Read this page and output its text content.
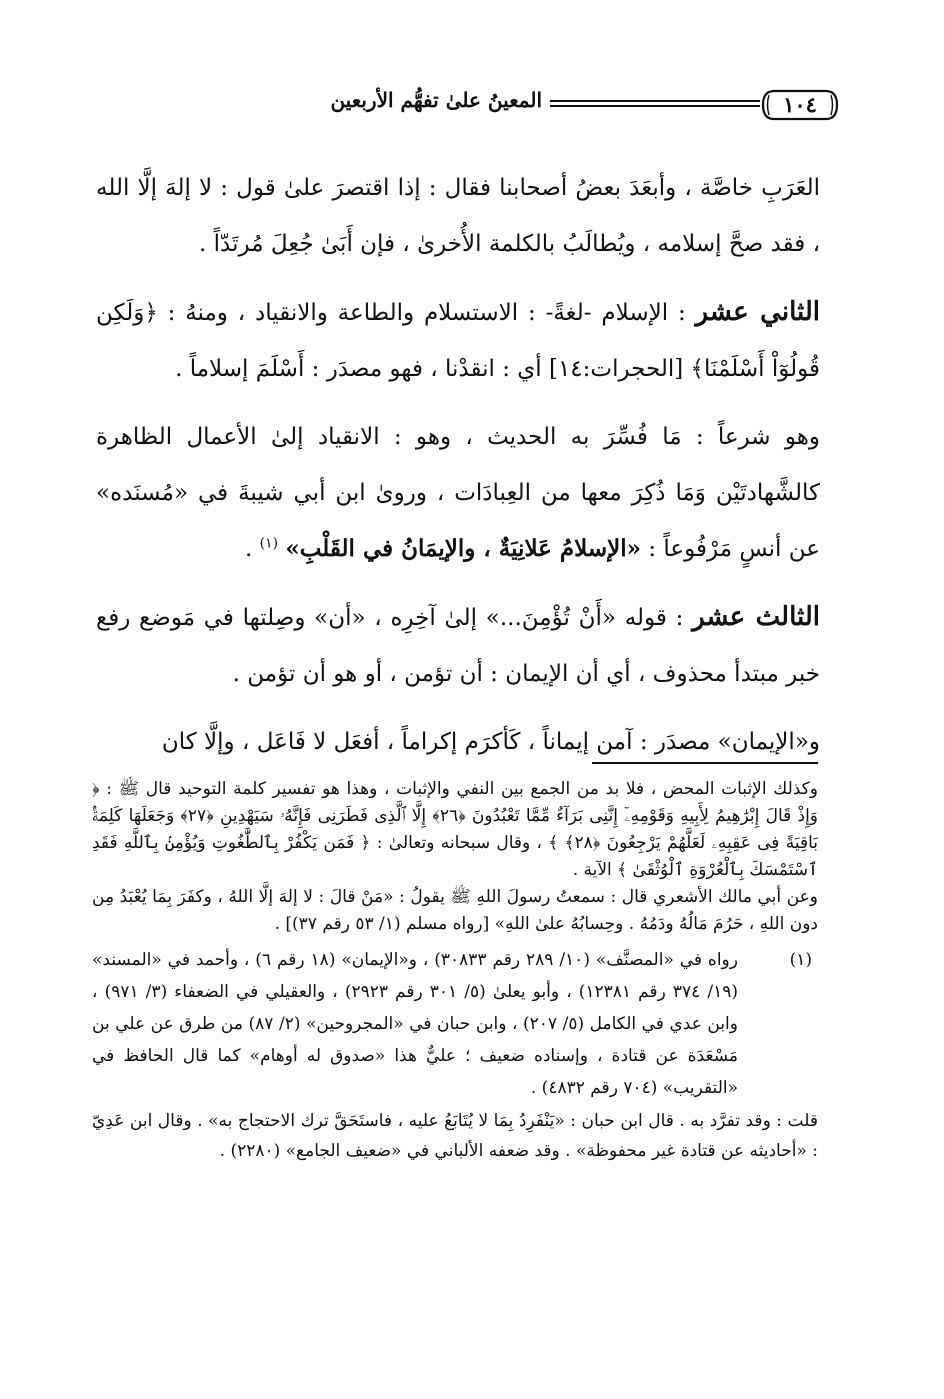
١٠٤
المعينُ علىٰ تفهُّم الأربعين

العَرَبِ خاصَّة ، وأبعَدَ بعضُ أصحابنا فقال : إذا اقتصرَ علىٰ قول : لا إلهَ إلَّا الله ، فقد صحَّ إسلامه ، ويُطالَبُ بالكلمة الأُخرىٰ ، فإن أَبَىٰ جُعِلَ مُرتَدّاً .

الثاني عشر : الإسلام -لغةً- : الاستسلام والطاعة والانقياد ، ومنهُ : ﴿وَلَكِن قُولُوٓاْ أَسْلَمْنَا﴾ [الحجرات:١٤] أي : انقدْنا ، فهو مصدَر : أَسْلَمَ إسلاماً .

وهو شرعاً : مَا فُسِّرَ به الحديث ، وهو : الانقياد إلىٰ الأعمال الظاهرة كالشَّهادتَيْن وَمَا ذُكِرَ معها من العِبادَات ، وروىٰ ابن أبي شيبةَ في «مُسنَده» عن أنسٍ مَرْفُوعاً : «الإسلامُ عَلانِيَةٌ ، والإيمَانُ في القَلْبِ» $^{(١)}$ .

الثالث عشر : قوله «أَنْ تُؤْمِنَ...» إلىٰ آخِرِه ، «أن» وصِلتها في مَوضع رفع خبر مبتدأ محذوف ، أي أن الإيمان : أن تؤمن ، أو هو أن تؤمن .

و«الإيمان» مصدَر : آمن إيماناً ، كَأكرَم إكراماً ، أفعَل لا فَاعَل ، وإلَّا كان

وكذلك الإثبات المحض ، فلا بد من الجمع بين النفي والإثبات ، وهذا هو تفسير كلمة التوحيد قال ﷺ : ﴿ وَإِذْ قَالَ إِبْرَٰهِيمُ لِأَبِيهِ وَقَوْمِهِۦٓ إِنَّنِى بَرَآءٌ مِّمَّا تَعْبُدُونَ ﴿٢٦﴾ إِلَّا ٱلَّذِى فَطَرَنِى فَإِنَّهُۥ سَيَهْدِينِ ﴿٢٧﴾ وَجَعَلَهَا كَلِمَةًۢ بَاقِيَةً فِى عَقِبِهِۦ لَعَلَّهُمْ يَرْجِعُونَ ﴿٢٨﴾ ﴾ ، وقال سبحانه وتعالىٰ : ﴿ فَمَن يَكْفُرْ بِٱلطَّٰغُوتِ وَيُؤْمِنۢ بِٱللَّهِ فَقَدِ ٱسْتَمْسَكَ بِٱلْعُرْوَةِ ٱلْوُثْقَىٰ ﴾ الآية .

وعن أبي مالك الأشعري قال : سمعتُ رسولَ اللهِ ﷺ يقولُ : «مَنْ قالَ : لا إلهَ إلَّا اللهُ ، وكفَرَ بِمَا يُعْبَدُ مِن دون اللهِ ، حَرُمَ مَالُهُ ودَمُهُ . وحِسابُهُ علىٰ اللهِ» [رواه مسلم (١/ ٥٣ رقم ٣٧)] .

(١)
رواه في «المصنَّف» (١٠/ ٢٨٩ رقم ٣٠٨٣٣) ، و«الإيمان» (١٨ رقم ٦) ، وأحمد في «المسند» (١٩/ ٣٧٤ رقم ١٢٣٨١) ، وأبو يعلىٰ (٥/ ٣٠١ رقم ٢٩٢٣) ، والعقيلي في الضعفاء (٣/ ٩٧١) ، وابن عدي في الكامل (٥/ ٢٠٧) ، وابن حبان في «المجروحين» (٢/ ٨٧) من طرق عن علي بن مَسْعَدَة عن قتادة ، وإسناده ضعيف ؛ عليٌّ هذا «صدوق له أوهام» كما قال الحافظ في «التقريب» (٧٠٤ رقم ٤٨٣٢) .

قلت : وقد تفرَّد به . قال ابن حبان : «يَنْفَرِدُ بِمَا لا يُتَابَعُ عليه ، فاستَحَقَّ ترك الاحتجاج به» . وقال ابن عَدِيّ : «أحاديثه عن قتادة غير محفوظة» . وقد ضعفه الألباني في «ضعيف الجامع» (٢٢٨٠) .
